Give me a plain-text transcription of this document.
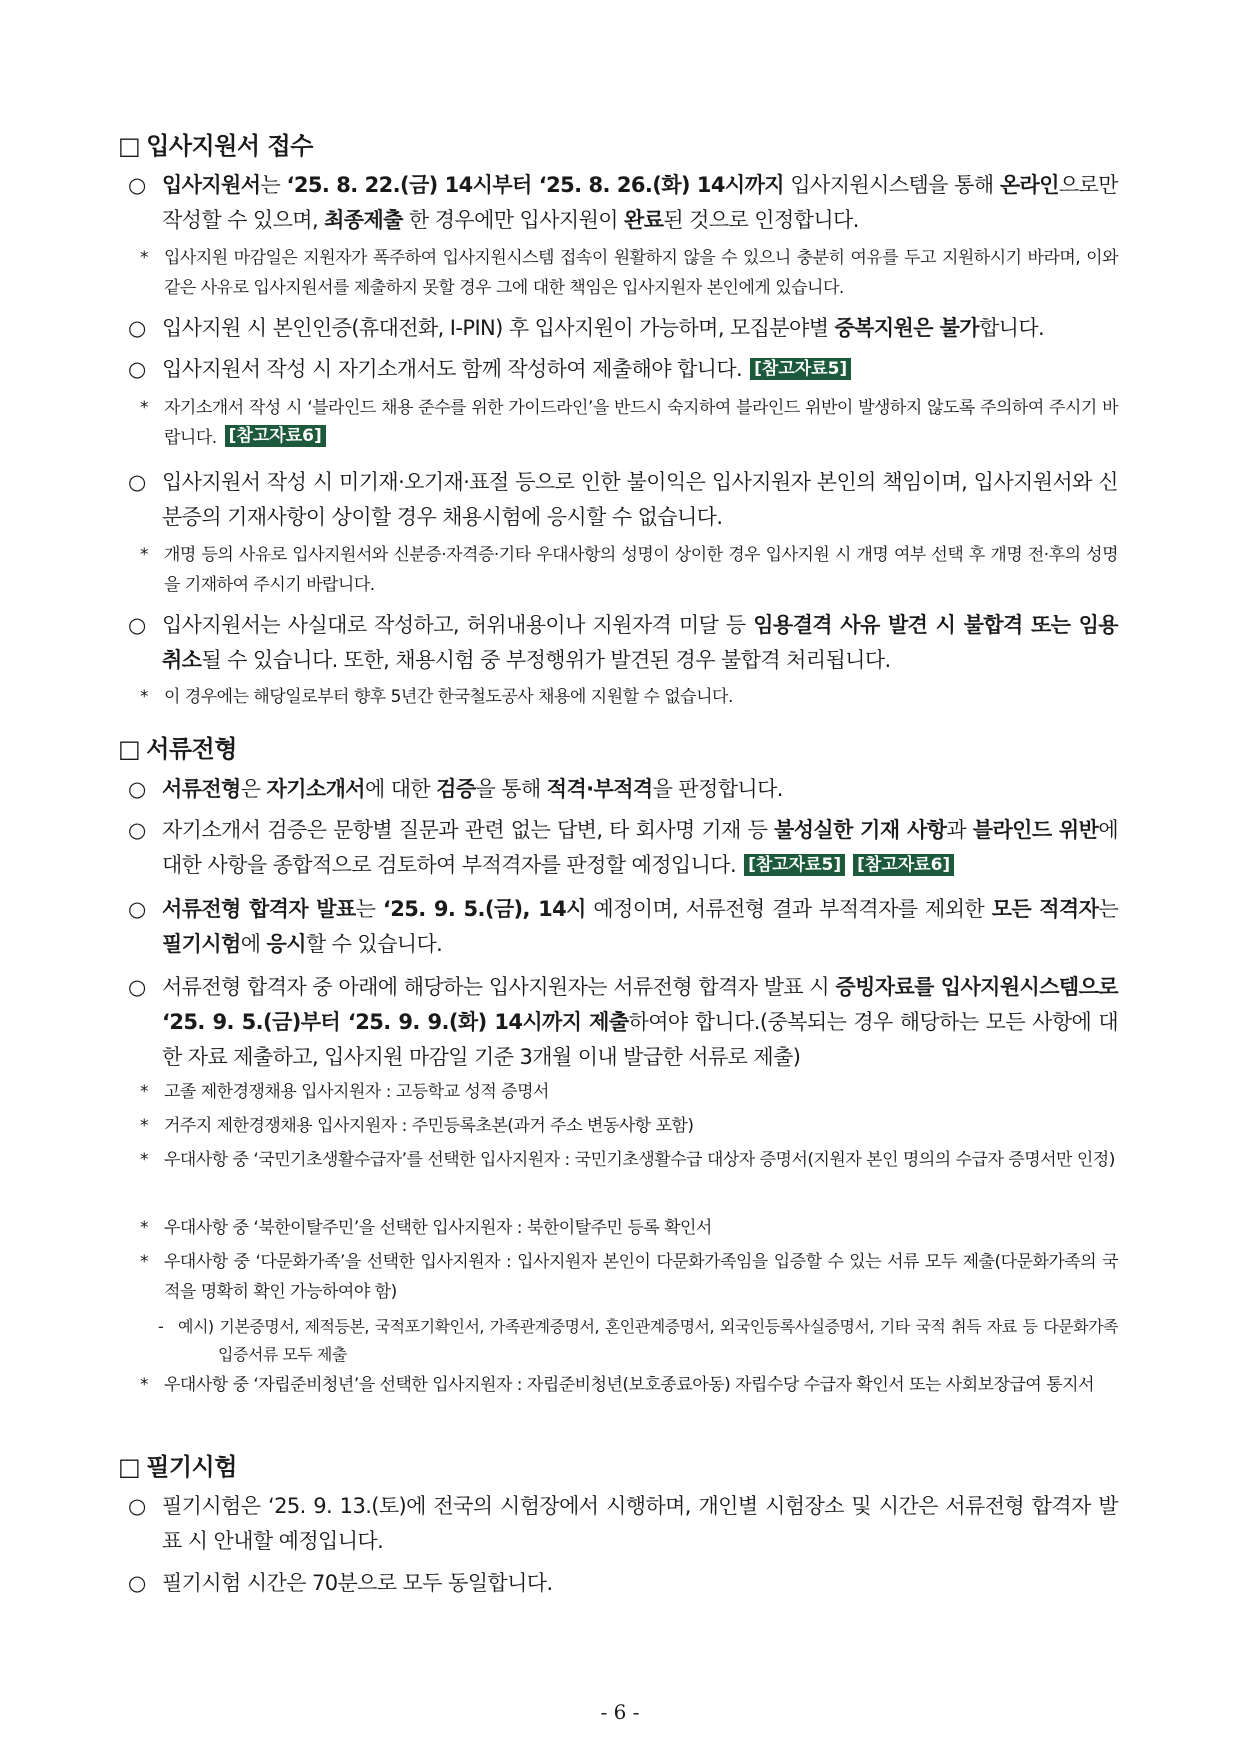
□ 입사지원서 접수
○ 입사지원서는 ‘25. 8. 22.(금) 14시부터 ‘25. 8. 26.(화) 14시까지 입사지원시스템을 통해 온라인으로만 작성할 수 있으며, 최종제출 한 경우에만 입사지원이 완료된 것으로 인정합니다.
* 입사지원 마감일은 지원자가 폭주하여 입사지원시스템 접속이 원활하지 않을 수 있으니 충분히 여유를 두고 지원하시기 바라며, 이와 같은 사유로 입사지원서를 제출하지 못할 경우 그에 대한 책임은 입사지원자 본인에게 있습니다.
○ 입사지원 시 본인인증(휴대전화, I-PIN) 후 입사지원이 가능하며, 모집분야별 중복지원은 불가합니다.
○ 입사지원서 작성 시 자기소개서도 함께 작성하여 제출해야 합니다. [참고자료5]
* 자기소개서 작성 시 ‘블라인드 채용 준수를 위한 가이드라인’을 반드시 숙지하여 블라인드 위반이 발생하지 않도록 주의하여 주시기 바랍니다. [참고자료6]
○ 입사지원서 작성 시 미기재·오기재·표절 등으로 인한 불이익은 입사지원자 본인의 책임이며, 입사지원서와 신분증의 기재사항이 상이할 경우 채용시험에 응시할 수 없습니다.
* 개명 등의 사유로 입사지원서와 신분증·자격증·기타 우대사항의 성명이 상이한 경우 입사지원 시 개명 여부 선택 후 개명 전·후의 성명을 기재하여 주시기 바랍니다.
○ 입사지원서는 사실대로 작성하고, 허위내용이나 지원자격 미달 등 임용결격 사유 발견 시 불합격 또는 임용 취소될 수 있습니다. 또한, 채용시험 중 부정행위가 발견된 경우 불합격 처리됩니다.
* 이 경우에는 해당일로부터 향후 5년간 한국철도공사 채용에 지원할 수 없습니다.
□ 서류전형
○ 서류전형은 자기소개서에 대한 검증을 통해 적격·부적격을 판정합니다.
○ 자기소개서 검증은 문항별 질문과 관련 없는 답변, 타 회사명 기재 등 불성실한 기재 사항과 블라인드 위반에 대한 사항을 종합적으로 검토하여 부적격자를 판정할 예정입니다. [참고자료5] [참고자료6]
○ 서류전형 합격자 발표는 ‘25. 9. 5.(금), 14시 예정이며, 서류전형 결과 부적격자를 제외한 모든 적격자는 필기시험에 응시할 수 있습니다.
○ 서류전형 합격자 중 아래에 해당하는 입사지원자는 서류전형 합격자 발표 시 증빙자료를 입사지원시스템으로 ‘25. 9. 5.(금)부터 ‘25. 9. 9.(화) 14시까지 제출하여야 합니다.(중복되는 경우 해당하는 모든 사항에 대한 자료 제출하고, 입사지원 마감일 기준 3개월 이내 발급한 서류로 제출)
* 고졸 제한경쟁채용 입사지원자 : 고등학교 성적 증명서
* 거주지 제한경쟁채용 입사지원자 : 주민등록초본(과거 주소 변동사항 포함)
* 우대사항 중 ‘국민기초생활수급자’를 선택한 입사지원자 : 국민기초생활수급 대상자 증명서(지원자 본인 명의의 수급자 증명서만 인정)
* 우대사항 중 ‘북한이탈주민’을 선택한 입사지원자 : 북한이탈주민 등록 확인서
* 우대사항 중 ‘다문화가족’을 선택한 입사지원자 : 입사지원자 본인이 다문화가족임을 입증할 수 있는 서류 모두 제출(다문화가족의 국적을 명확히 확인 가능하여야 함)
- 예시) 기본증명서, 제적등본, 국적포기확인서, 가족관계증명서, 혼인관계증명서, 외국인등록사실증명서, 기타 국적 취득 자료 등 다문화가족 입증서류 모두 제출
* 우대사항 중 ‘자립준비청년’을 선택한 입사지원자 : 자립준비청년(보호종료아동) 자립수당 수급자 확인서 또는 사회보장급여 통지서
□ 필기시험
○ 필기시험은 ‘25. 9. 13.(토)에 전국의 시험장에서 시행하며, 개인별 시험장소 및 시간은 서류전형 합격자 발표 시 안내할 예정입니다.
○ 필기시험 시간은 70분으로 모두 동일합니다.
- 6 -
